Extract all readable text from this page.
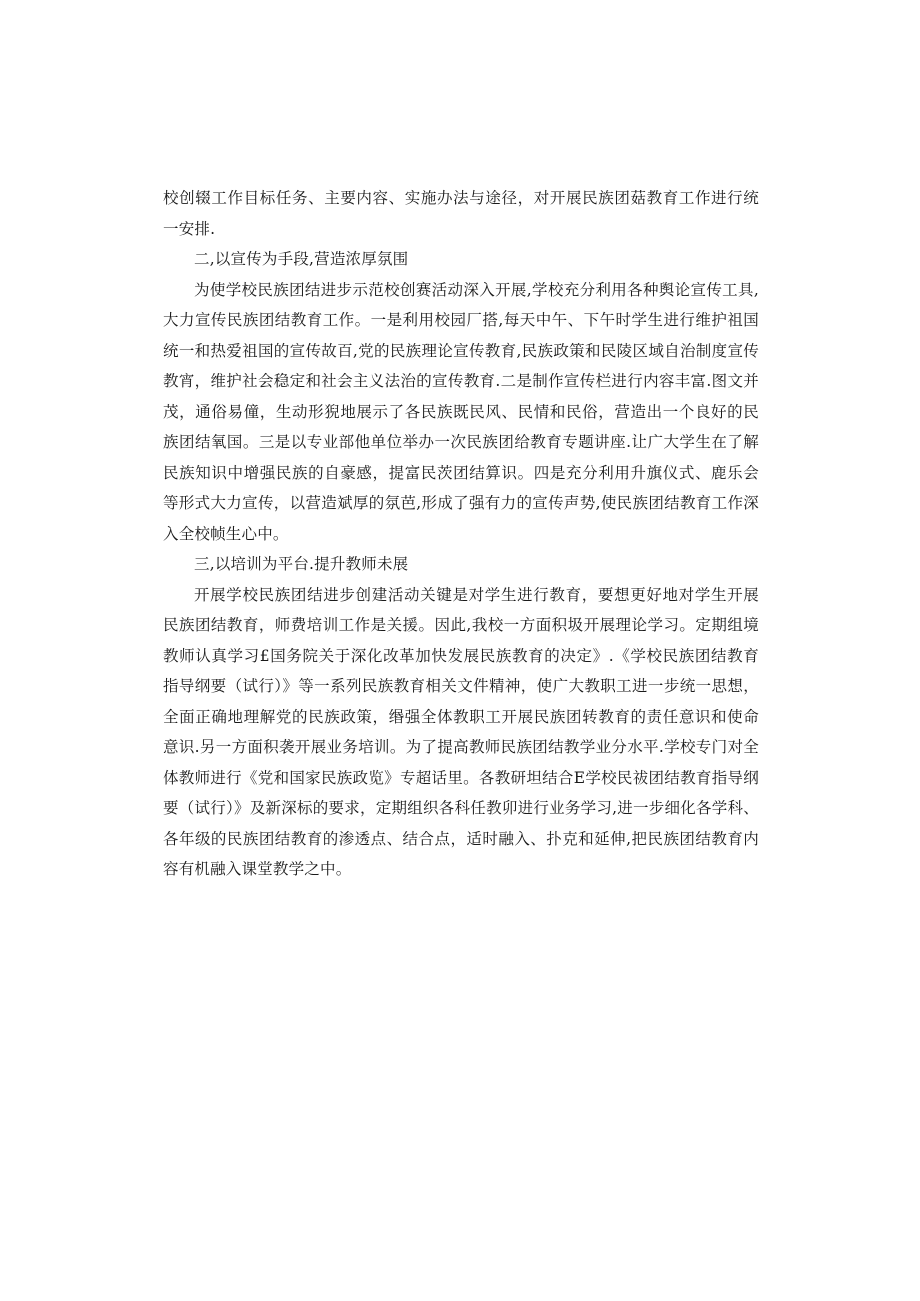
校创辍工作目标任务、主要内容、实施办法与途径，对开展民族团菇教育工作进行统一安排.

二,以宣传为手段,营造浓厚氛围

为使学校民族团结进步示范校创赛活动深入开展,学校充分利用各种舆论宣传工具,大力宣传民族团结教育工作。一是利用校园厂搭,每天中午、下午时学生进行维护祖国统一和热爱祖国的宣传故百,党的民族理论宣传教育,民族政策和民陵区域自治制度宣传教宵，维护社会稳定和社会主义法治的宣传教育.二是制作宣传栏进行内容丰富.图文并茂，通俗易僮，生动形猊地展示了各民族既民风、民情和民俗，营造出一个良好的民族团结氧国。三是以专业部他单位举办一次民族团给教育专题讲座.让广大学生在了解民族知识中增强民族的自豪感，提富民茨团结算识。四是充分利用升旗仪式、鹿乐会等形式大力宣传，以营造斌厚的氛芭,形成了强有力的宣传声势,使民族团结教育工作深入全校帧生心中。

三,以培训为平台.提升教师未展

开展学校民族团结进步创建活动关键是对学生进行教育，要想更好地对学生开展民族团结教育，师费培训工作是关援。因此,我校一方面积圾开展理论学习。定期组境教师认真学习£国务院关于深化改革加快发展民族教育的决定》.《学校民族团结教育指导纲要（试行）》等一系列民族教育相关文件精神，使广大教职工进一步统一思想，全面正确地理解党的民族政策，缗强全体教职工开展民族团转教育的责任意识和使命意识.另一方面积袭开展业务培训。为了提高教师民族团结教学业分水平.学校专门对全体教师进行《党和国家民族政览》专超话里。各教研坦结合E学校民祓团结教育指导纲要（试行）》及新深标的要求，定期组织各科任教卯进行业务学习,进一步细化各学科、各年级的民族团结教育的渗透点、结合点，适时融入、扑克和延伸,把民族团结教育内容有机融入课堂教学之中。
